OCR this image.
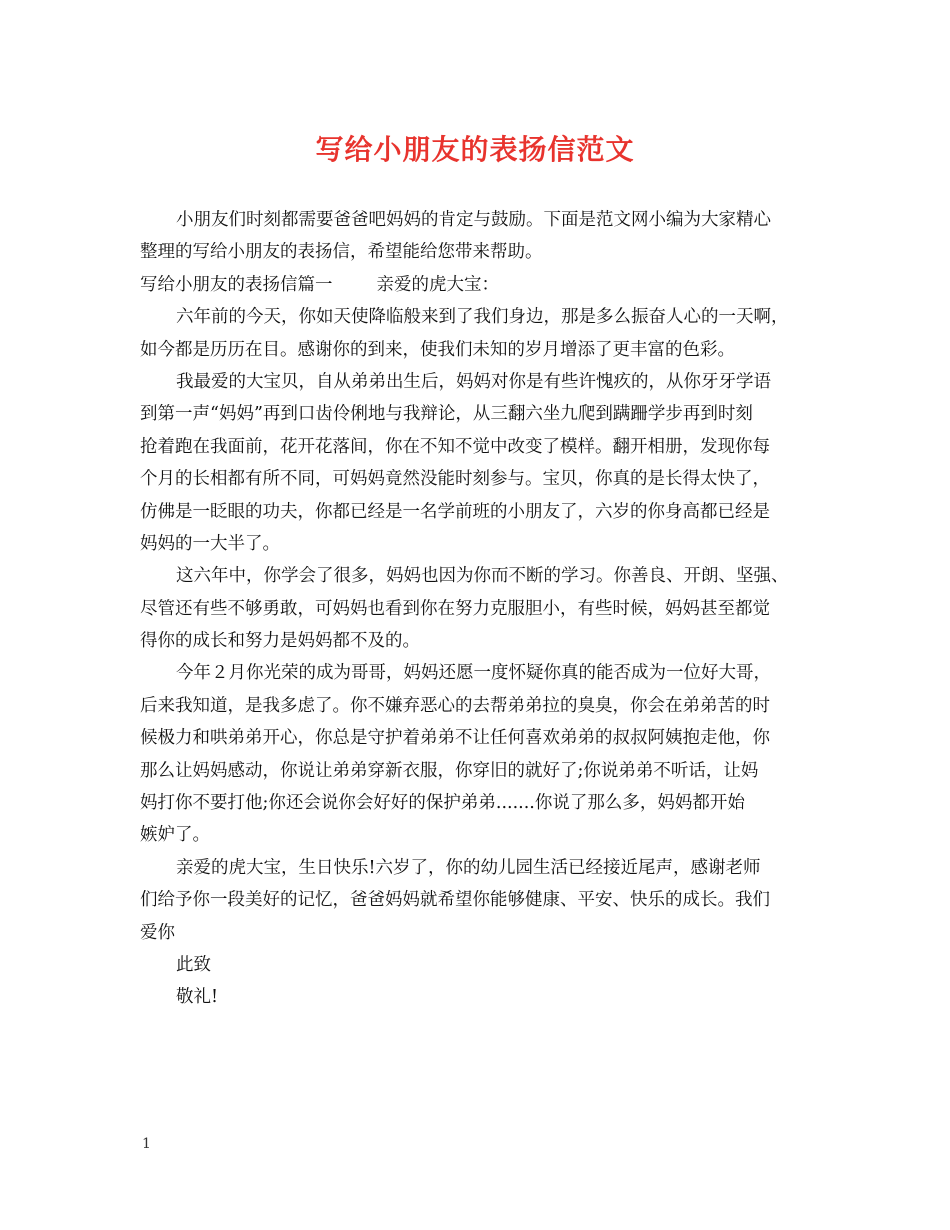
写给小朋友的表扬信范文
小朋友们时刻都需要爸爸吧妈妈的肯定与鼓励。下面是范文网小编为大家精心
整理的写给小朋友的表扬信，希望能给您带来帮助。
写给小朋友的表扬信篇一	亲爱的虎大宝：
六年前的今天，你如天使降临般来到了我们身边，那是多么振奋人心的一天啊，
如今都是历历在目。感谢你的到来，使我们未知的岁月增添了更丰富的色彩。
我最爱的大宝贝，自从弟弟出生后，妈妈对你是有些许愧疚的，从你牙牙学语
到第一声“妈妈”再到口齿伶俐地与我辩论，从三翻六坐九爬到蹒跚学步再到时刻
抢着跑在我面前，花开花落间，你在不知不觉中改变了模样。翻开相册，发现你每
个月的长相都有所不同，可妈妈竟然没能时刻参与。宝贝，你真的是长得太快了，
仿佛是一眨眼的功夫，你都已经是一名学前班的小朋友了，六岁的你身高都已经是
妈妈的一大半了。
这六年中，你学会了很多，妈妈也因为你而不断的学习。你善良、开朗、坚强、
尽管还有些不够勇敢，可妈妈也看到你在努力克服胆小，有些时候，妈妈甚至都觉
得你的成长和努力是妈妈都不及的。
今年２月你光荣的成为哥哥，妈妈还愿一度怀疑你真的能否成为一位好大哥，
后来我知道，是我多虑了。你不嫌弃恶心的去帮弟弟拉的臭臭，你会在弟弟苦的时
候极力和哄弟弟开心，你总是守护着弟弟不让任何喜欢弟弟的叔叔阿姨抱走他，你
那么让妈妈感动，你说让弟弟穿新衣服，你穿旧的就好了;你说弟弟不听话，让妈
妈打你不要打他;你还会说你会好好的保护弟弟.......你说了那么多，妈妈都开始
嫉妒了。
亲爱的虎大宝，生日快乐!六岁了，你的幼儿园生活已经接近尾声，感谢老师
们给予你一段美好的记忆，爸爸妈妈就希望你能够健康、平安、快乐的成长。我们
爱你
此致
敬礼!
1
